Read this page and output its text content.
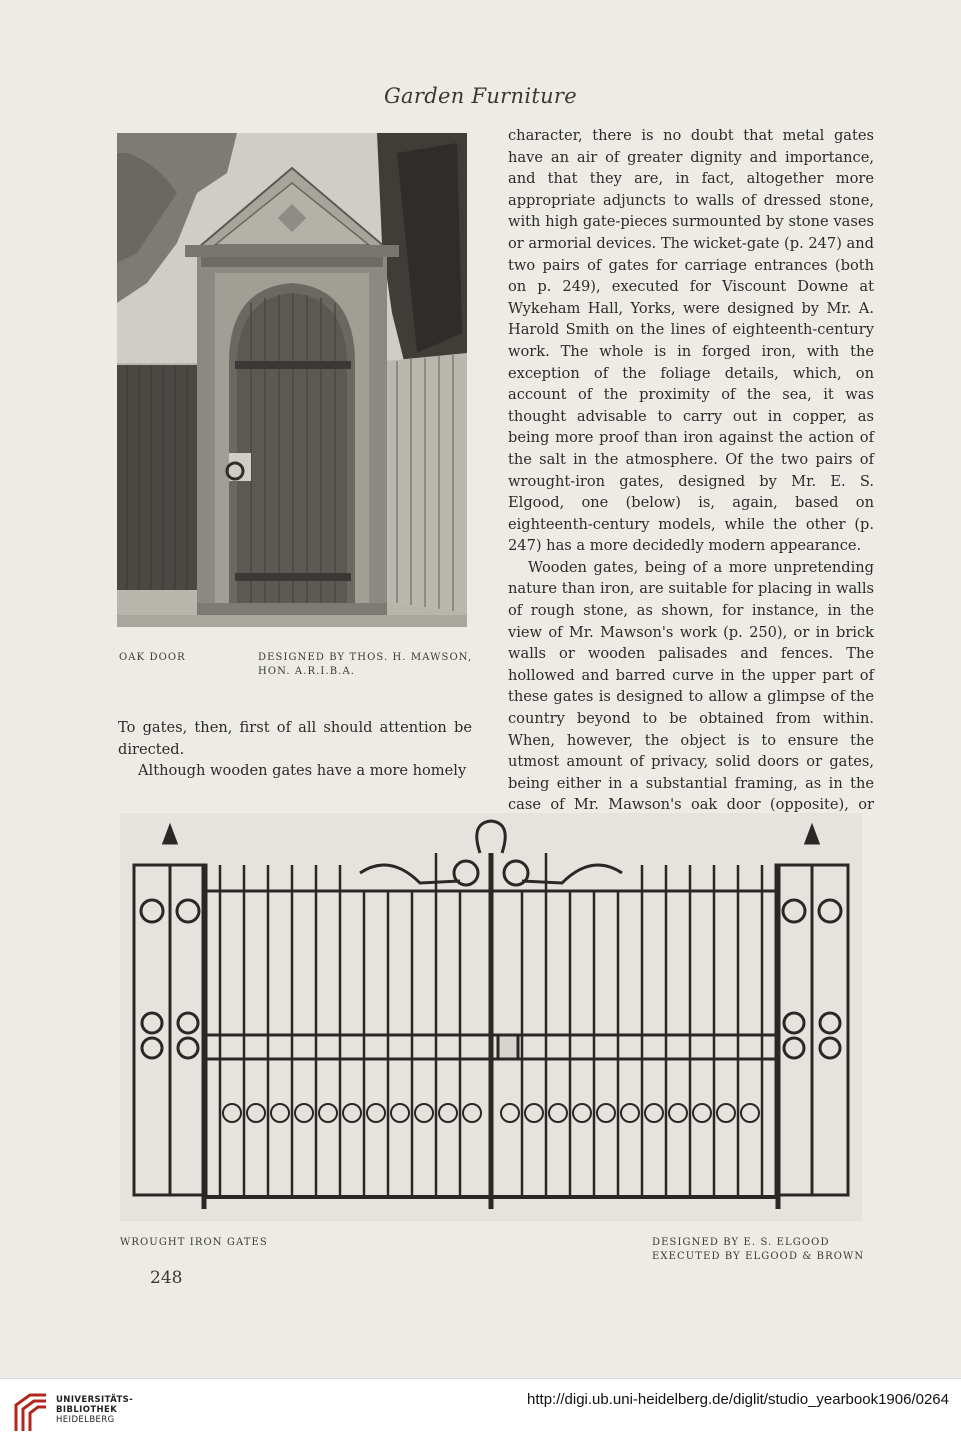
Garden Furniture
OAK DOOR	DESIGNED BY THOS. H. MAWSON,
HON. A.R.I.B.A.

To gates, then, first of all should attention be directed.

Although wooden gates have a more homely

character, there is no doubt that metal gates have an air of greater dignity and importance, and that they are, in fact, altogether more appropriate adjuncts to walls of dressed stone, with high gate-pieces surmounted by stone vases or armorial devices. The wicket-gate (p. 247) and two pairs of gates for carriage entrances (both on p. 249), executed for Viscount Downe at Wykeham Hall, Yorks, were designed by Mr. A. Harold Smith on the lines of eighteenth-century work. The whole is in forged iron, with the exception of the foliage details, which, on account of the proximity of the sea, it was thought advisable to carry out in copper, as being more proof than iron against the action of the salt in the atmosphere. Of the two pairs of wrought-iron gates, designed by Mr. E. S. Elgood, one (below) is, again, based on eighteenth-century models, while the other (p. 247) has a more decidedly modern appearance.

Wooden gates, being of a more unpretending nature than iron, are suitable for placing in walls of rough stone, as shown, for instance, in the view of Mr. Mawson's work (p. 250), or in brick walls or wooden palisades and fences. The hollowed and barred curve in the upper part of these gates is designed to allow a glimpse of the country beyond to be obtained from within. When, however, the object is to ensure the utmost amount of privacy, solid doors or gates, being either in a substantial framing, as in the case of Mr. Mawson's oak door (opposite), or

WROUGHT IRON GATES	DESIGNED BY E. S. ELGOOD
EXECUTED BY ELGOOD & BROWN
248
UNIVERSITÄTS-
BIBLIOTHEK
HEIDELBERG
http://digi.ub.uni-heidelberg.de/diglit/studio_yearbook1906/0264
